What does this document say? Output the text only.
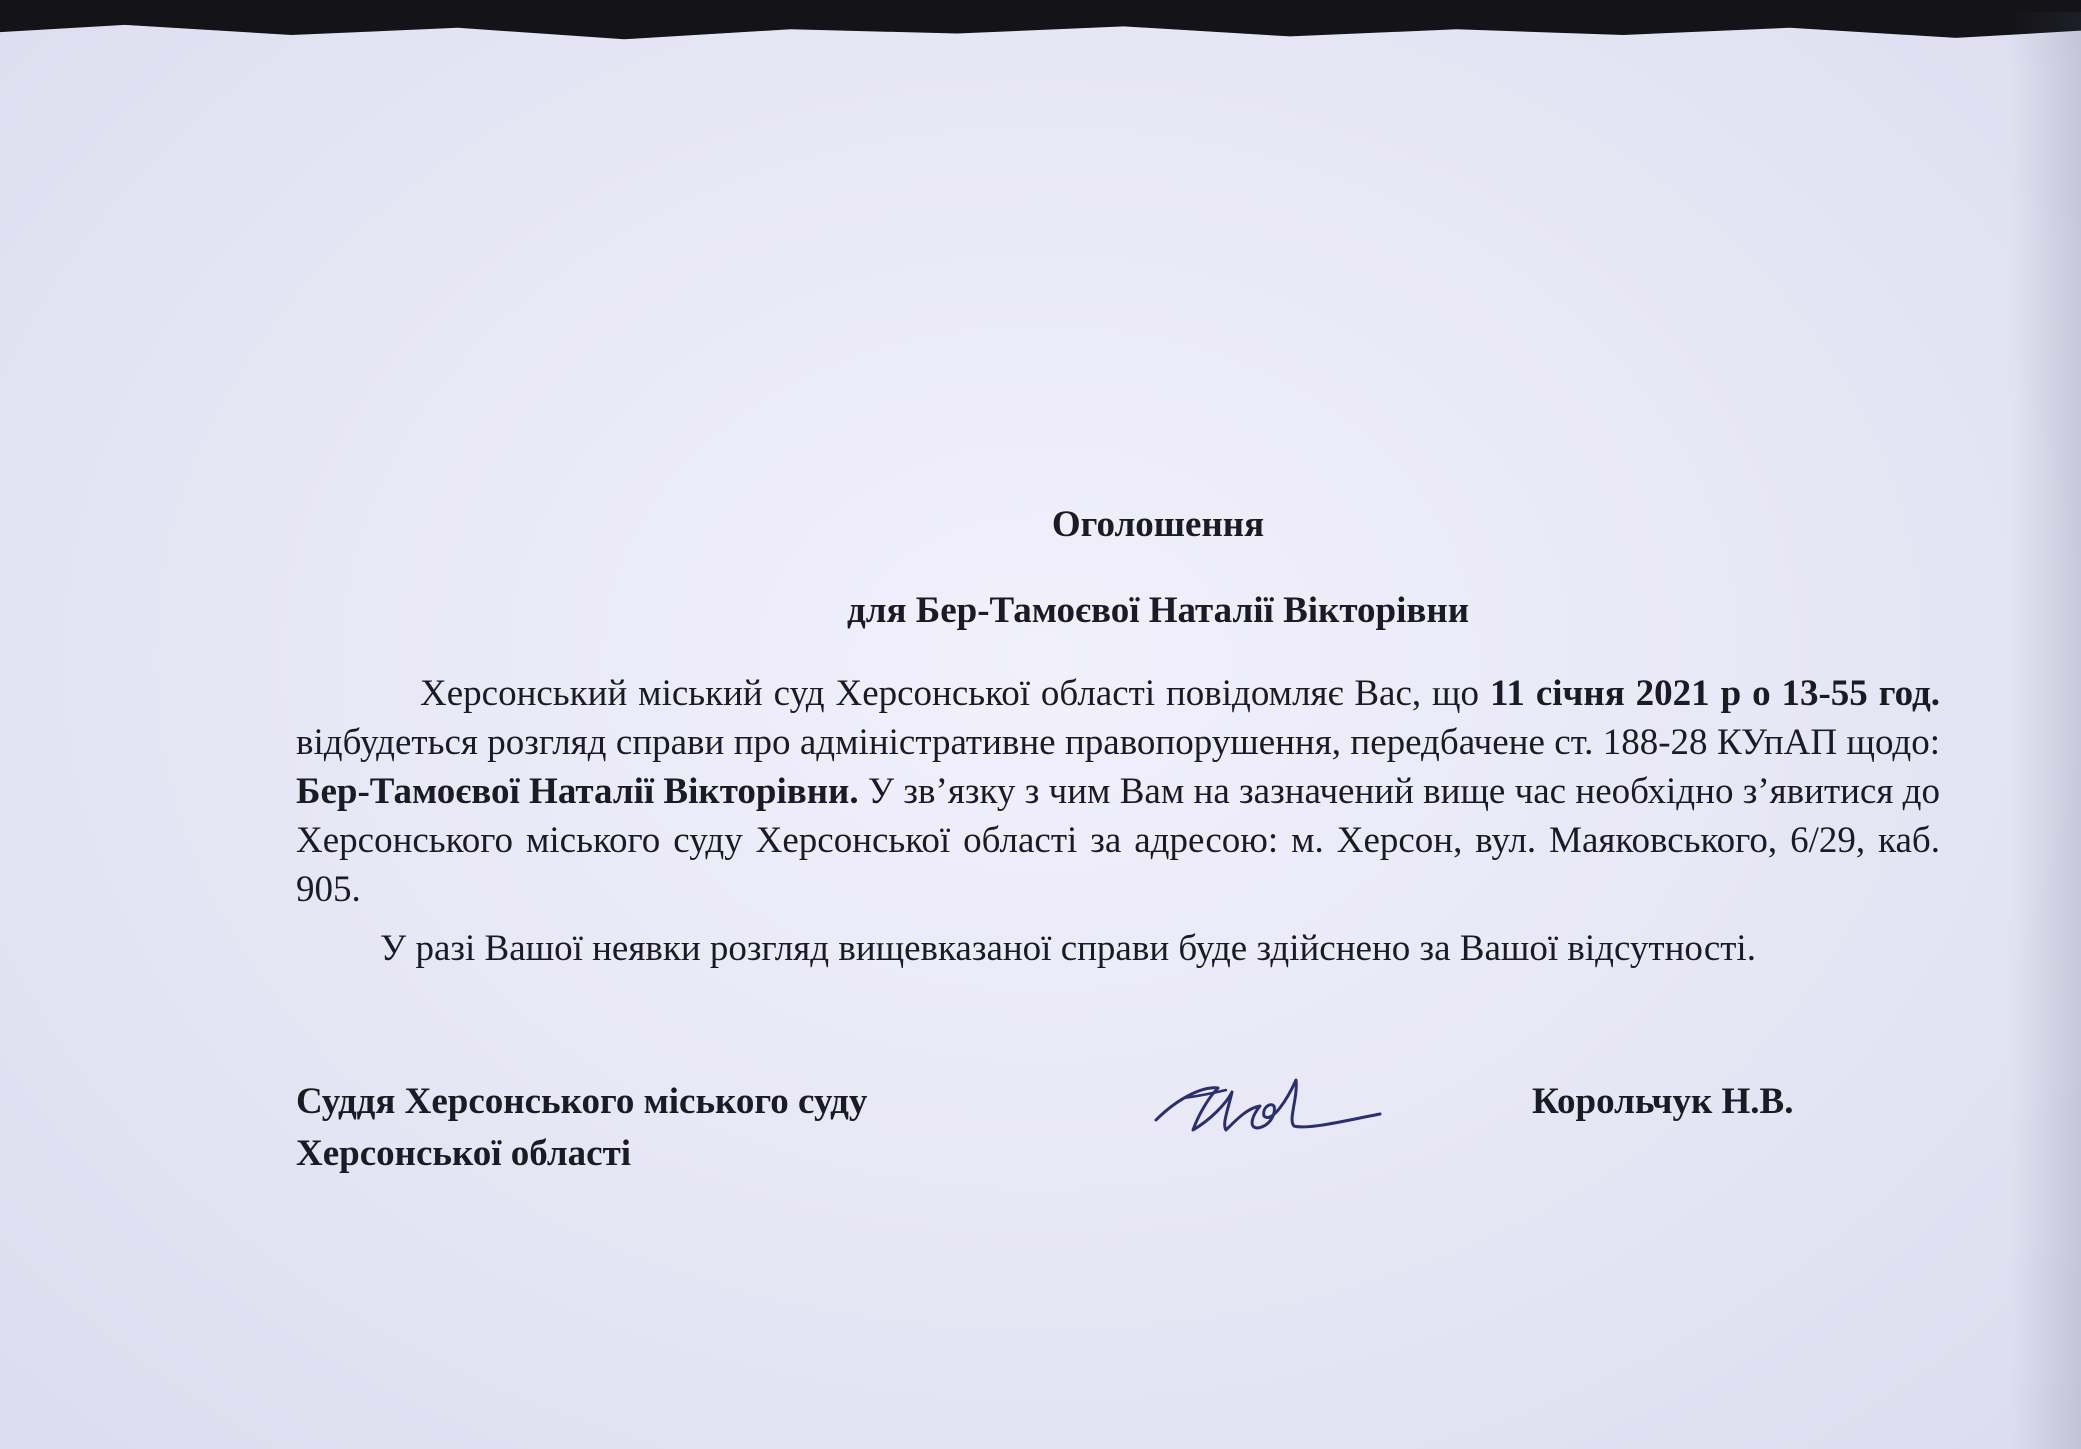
Оголошення
для Бер-Тамоєвої Наталії Вікторівни

Херсонський міський суд Херсонської області повідомляє Вас, що 11 січня 2021 р о 13-55 год. відбудеться розгляд справи про адміністративне правопорушення, передбачене ст. 188-28 КУпАП щодо: Бер-Тамоєвої Наталії Вікторівни. У зв’язку з чим Вам на зазначений вище час необхідно з’явитися до Херсонського міського суду Херсонської області за адресою: м. Херсон, вул. Маяковського, 6/29, каб. 905.

У разі Вашої неявки розгляд вищевказаної справи буде здійснено за Вашої відсутності.

Суддя Херсонського міського суду
Херсонської області
Корольчук Н.В.
